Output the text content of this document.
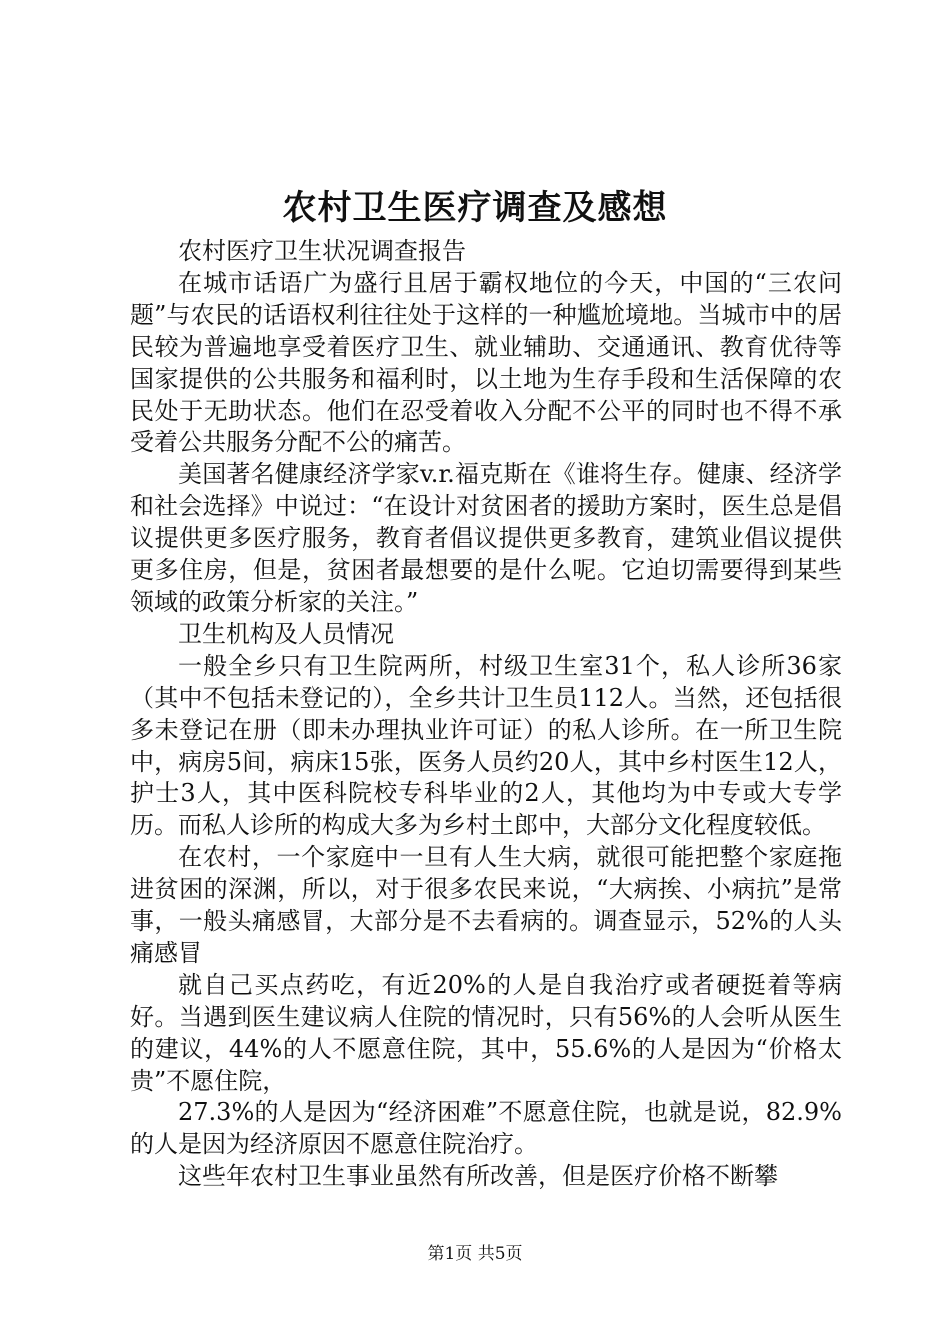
农村卫生医疗调查及感想

农村医疗卫生状况调查报告

在城市话语广为盛行且居于霸权地位的今天，中国的“三农问题”与农民的话语权利往往处于这样的一种尴尬境地。当城市中的居民较为普遍地享受着医疗卫生、就业辅助、交通通讯、教育优待等国家提供的公共服务和福利时，以土地为生存手段和生活保障的农民处于无助状态。他们在忍受着收入分配不公平的同时也不得不承受着公共服务分配不公的痛苦。

美国著名健康经济学家v.r.福克斯在《谁将生存。健康、经济学和社会选择》中说过：“在设计对贫困者的援助方案时，医生总是倡议提供更多医疗服务，教育者倡议提供更多教育，建筑业倡议提供更多住房，但是，贫困者最想要的是什么呢。它迫切需要得到某些领域的政策分析家的关注。”

卫生机构及人员情况

一般全乡只有卫生院两所，村级卫生室31个，私人诊所36家（其中不包括未登记的），全乡共计卫生员112人。当然，还包括很多未登记在册（即未办理执业许可证）的私人诊所。在一所卫生院中，病房5间，病床15张，医务人员约20人，其中乡村医生12人，护士3人，其中医科院校专科毕业的2人，其他均为中专或大专学历。而私人诊所的构成大多为乡村土郎中，大部分文化程度较低。

在农村，一个家庭中一旦有人生大病，就很可能把整个家庭拖进贫困的深渊，所以，对于很多农民来说，“大病挨、小病抗”是常事，一般头痛感冒，大部分是不去看病的。调查显示，52%的人头痛感冒

就自己买点药吃，有近20%的人是自我治疗或者硬挺着等病好。当遇到医生建议病人住院的情况时，只有56%的人会听从医生的建议，44%的人不愿意住院，其中，55.6%的人是因为“价格太贵”不愿住院，

27.3%的人是因为“经济困难”不愿意住院，也就是说，82.9%的人是因为经济原因不愿意住院治疗。

这些年农村卫生事业虽然有所改善，但是医疗价格不断攀

第1页 共5页
